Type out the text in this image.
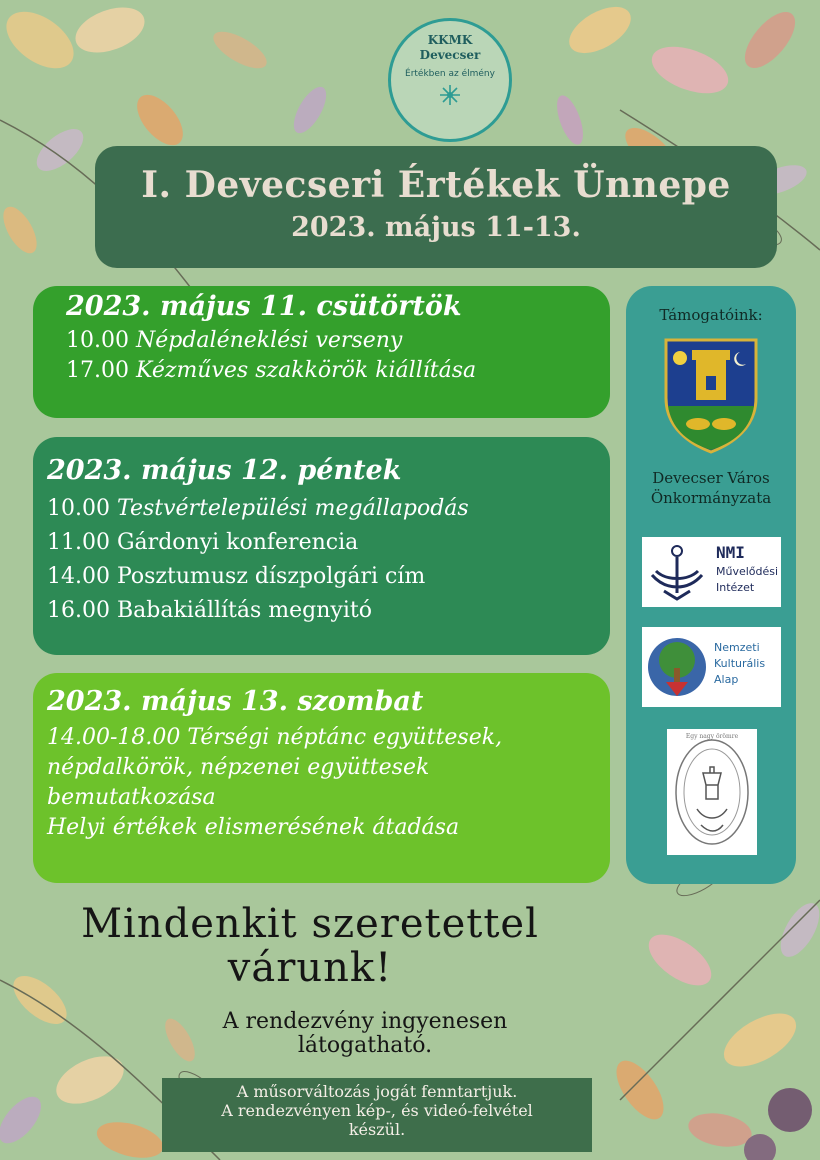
KKMK
Devecser
Értékben az élmény
I. Devecseri Értékek Ünnepe
2023. május 11-13.
2023. május 11. csütörtök
10.00 Népdaléneklési verseny
17.00 Kézműves szakkörök kiállítása
2023. május 12. péntek
10.00 Testvértelepülési megállapodás
11.00 Gárdonyi konferencia
14.00 Posztumusz díszpolgári cím
16.00 Babakiállítás megnyitó
2023. május 13. szombat
14.00-18.00 Térségi néptánc együttesek,
népdalkörök, népzenei együttesek
bemutatkozása
Helyi értékek elismerésének átadása
Támogatóink:
Devecser Város
Önkormányzata
NMI
Művelődési
Intézet
Nemzeti
Kulturális
Alap
Egy nagy örömre
Mindenkit szeretettel
várunk!
A rendezvény ingyenesen
látogatható.
A műsorváltozás jogát fenntartjuk.
A rendezvényen kép-, és videó-felvétel
készül.
